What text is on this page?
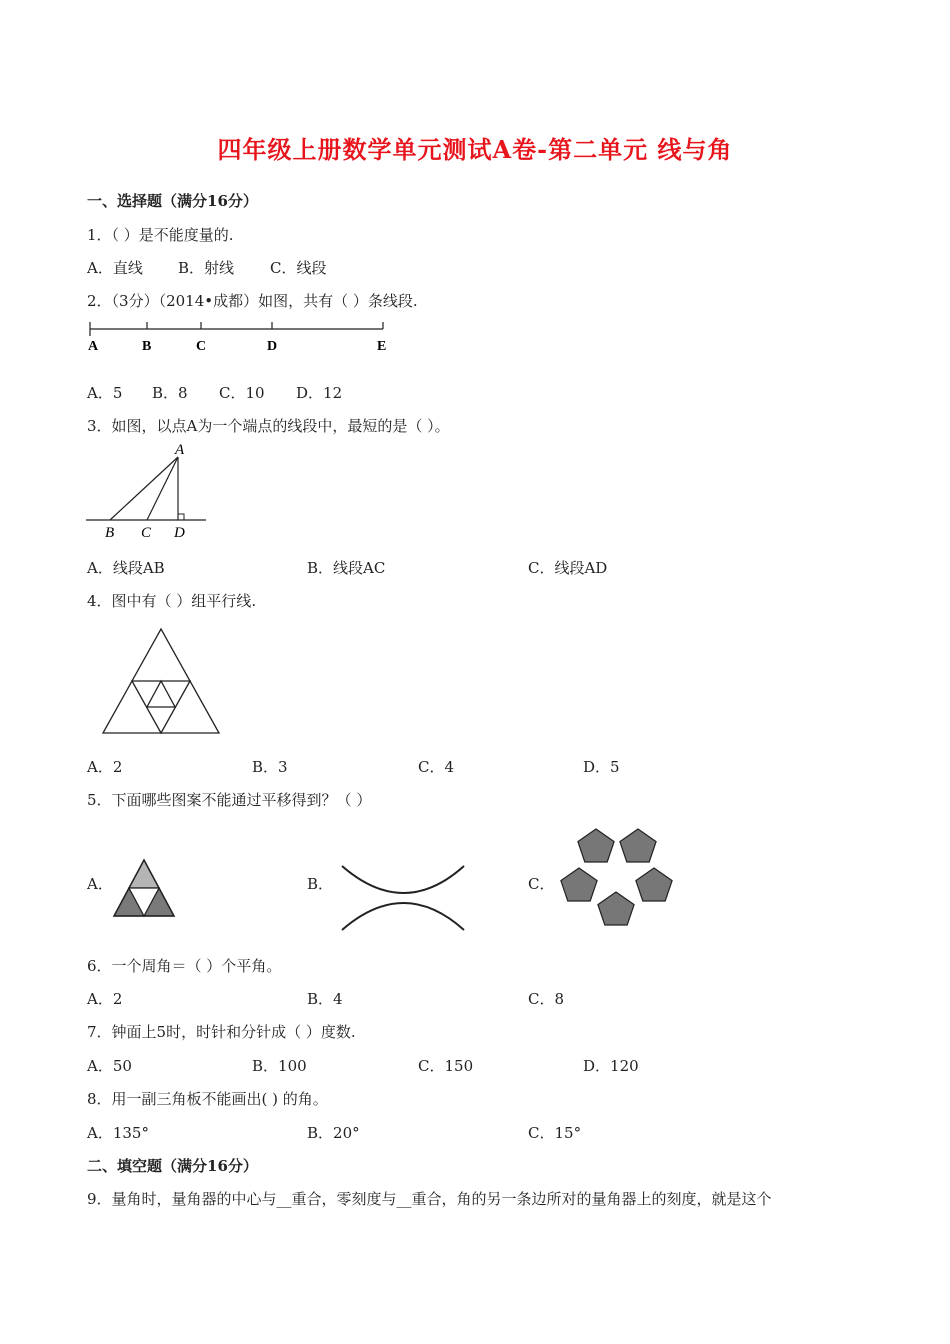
四年级上册数学单元测试A卷-第二单元 线与角
一、选择题（满分16分）
1．（ ）是不能度量的.
A．直线 B．射线 C．线段
2．（3分）（2014•成都）如图，共有（ ）条线段.
A	B	C	D	E
A．5 B．8 C．10 D．12
3．如图，以点A为一个端点的线段中，最短的是（ ）。
A
B C D
A．线段AB	B．线段AC	C．线段AD
4．图中有（ ）组平行线.
A．2	B．3	C．4	D．5
5．下面哪些图案不能通过平移得到？（ ）
A．	B．	C．
6．一个周角＝（ ）个平角。
A．2	B．4	C．8
7．钟面上5时，时针和分针成（ ）度数.
A．50	B．100	C．150	D．120
8．用一副三角板不能画出( ) 的角。
A．135°	B．20°	C．15°
二、填空题（满分16分）
9．量角时，量角器的中心与__重合，零刻度与__重合，角的另一条边所对的量角器上的刻度，就是这个
